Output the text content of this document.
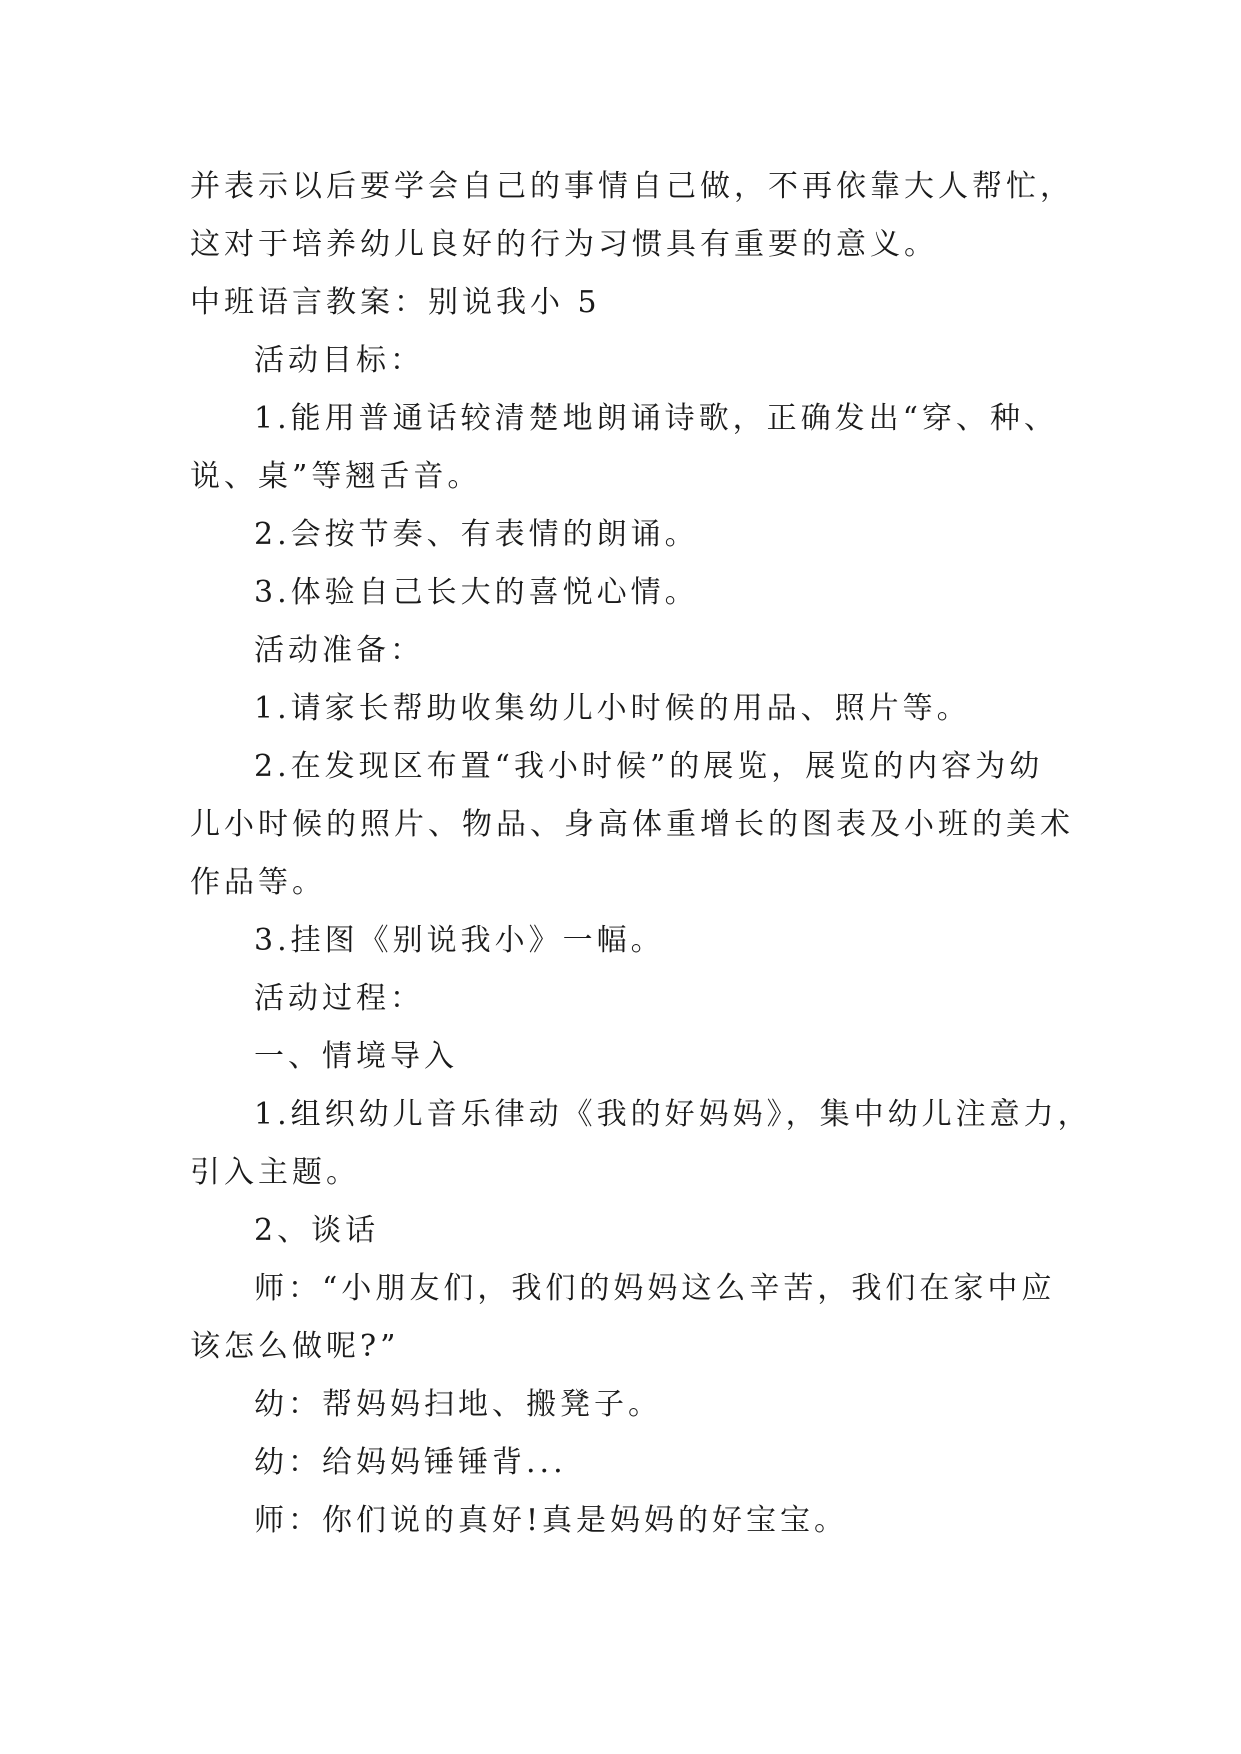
并表示以后要学会自己的事情自己做，不再依靠大人帮忙，
这对于培养幼儿良好的行为习惯具有重要的意义。
中班语言教案：别说我小 5
活动目标：
1.能用普通话较清楚地朗诵诗歌，正确发出“穿、种、
说、桌”等翘舌音。
2.会按节奏、有表情的朗诵。
3.体验自己长大的喜悦心情。
活动准备：
1.请家长帮助收集幼儿小时候的用品、照片等。
2.在发现区布置“我小时候”的展览，展览的内容为幼
儿小时候的照片、物品、身高体重增长的图表及小班的美术
作品等。
3.挂图《别说我小》一幅。
活动过程：
一、情境导入
1.组织幼儿音乐律动《我的好妈妈》，集中幼儿注意力，
引入主题。
2、谈话
师：“小朋友们，我们的妈妈这么辛苦，我们在家中应
该怎么做呢?”
幼：帮妈妈扫地、搬凳子。
幼：给妈妈锤锤背...
师：你们说的真好!真是妈妈的好宝宝。
